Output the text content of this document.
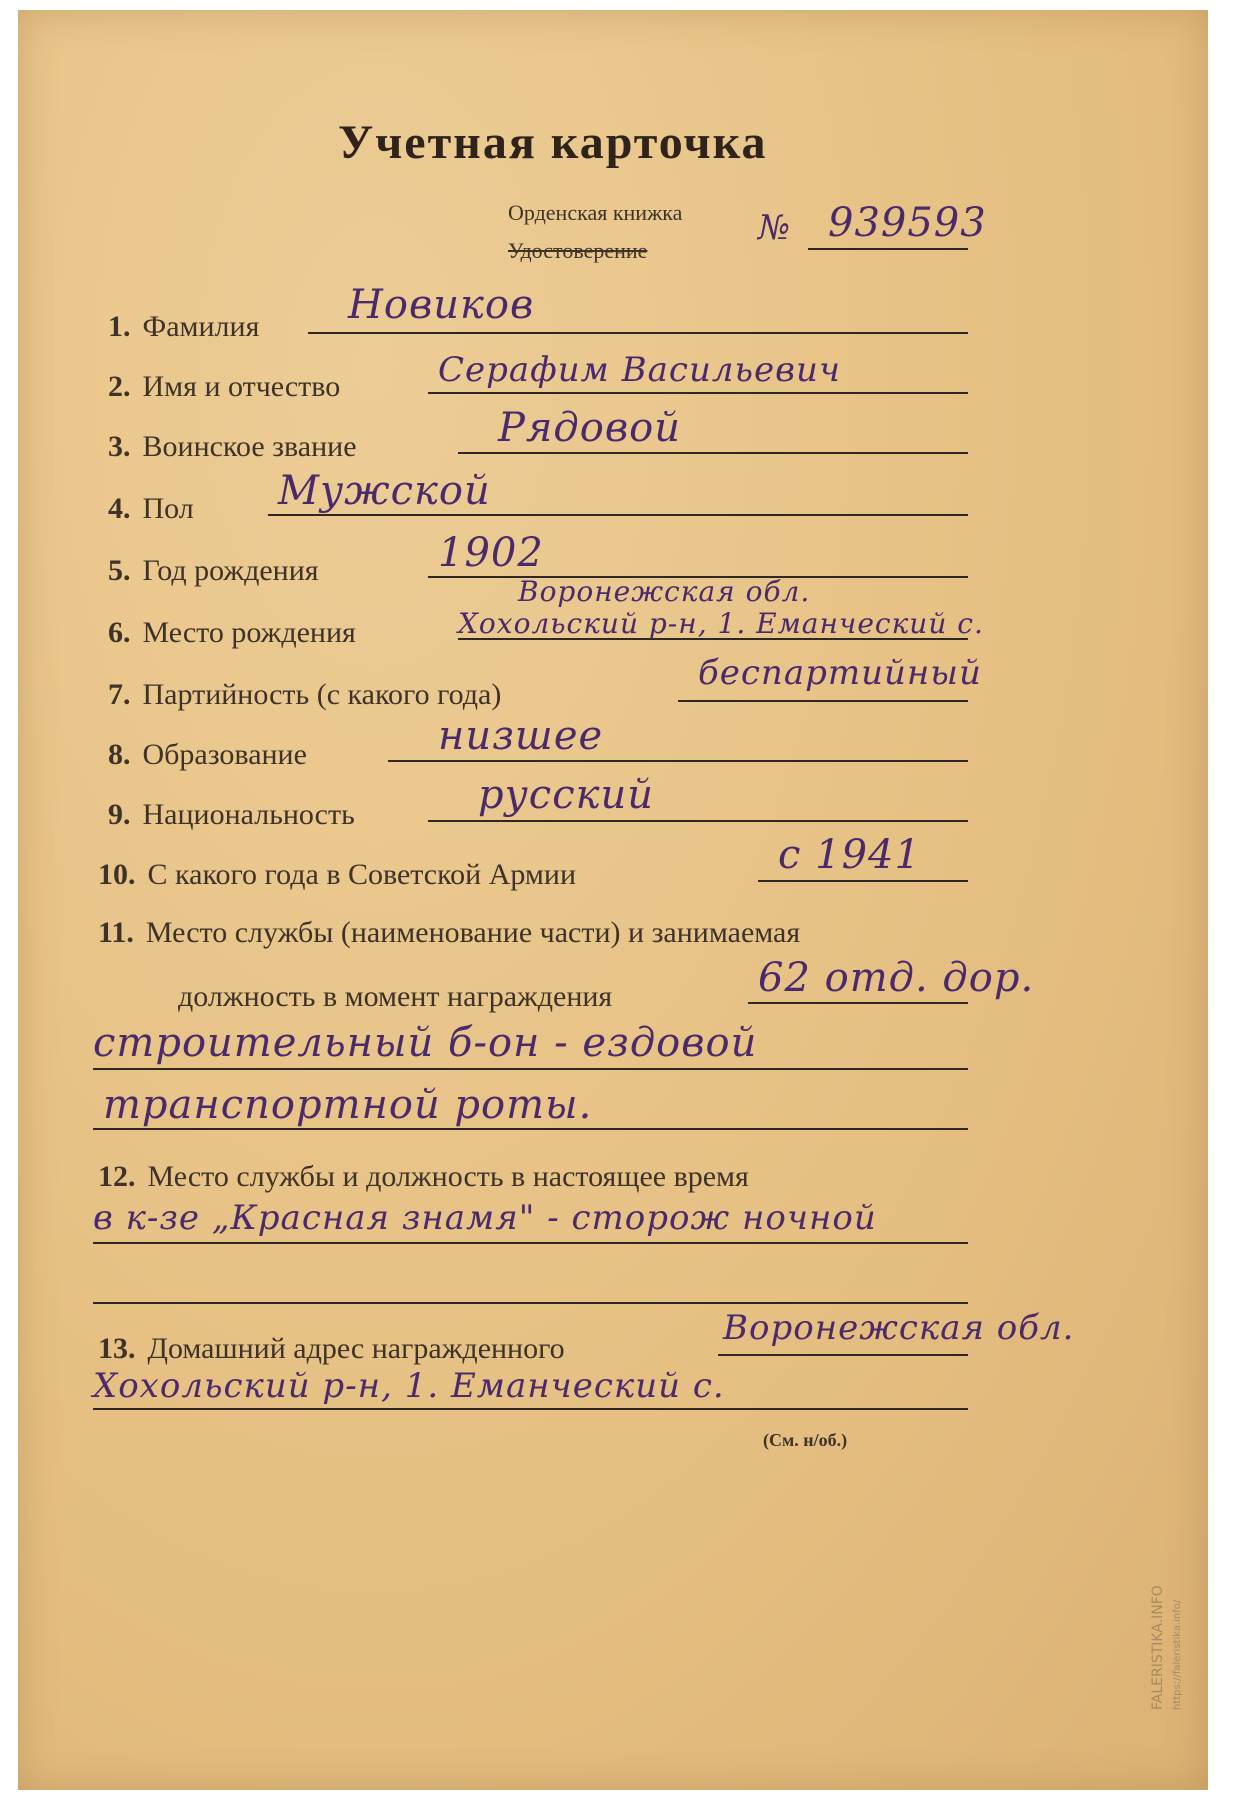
Учетная карточка
Орденская книжка
Удостоверение
№ 939593
1. Фамилия Новиков
2. Имя и отчество	Серафим Васильевич
3. Воинское звание	Рядовой
4. Пол Мужской
5. Год рождения	1902
6. Место рождения
Воронежская обл.
Хохольский р-н, 1. Еманческий с.
7. Партийность (с какого года)
беспартийный
8. Образование	низшее
9. Национальность	русский
10. С какого года в Советской Армии	с 1941
11. Место службы (наименование части) и занимаемая
должность в момент награждения	62 отд. дор.
строительный б-он - ездовой
транспортной роты.
12. Место службы и должность в настоящее время
в к-зе „Красная знамя" - сторож ночной
13. Домашний адрес награжденного
Воронежская обл.
Хохольский р-н, 1. Еманческий с.
(См. н/об.)
FALERISTIKA.INFO https://faleristika.info/
